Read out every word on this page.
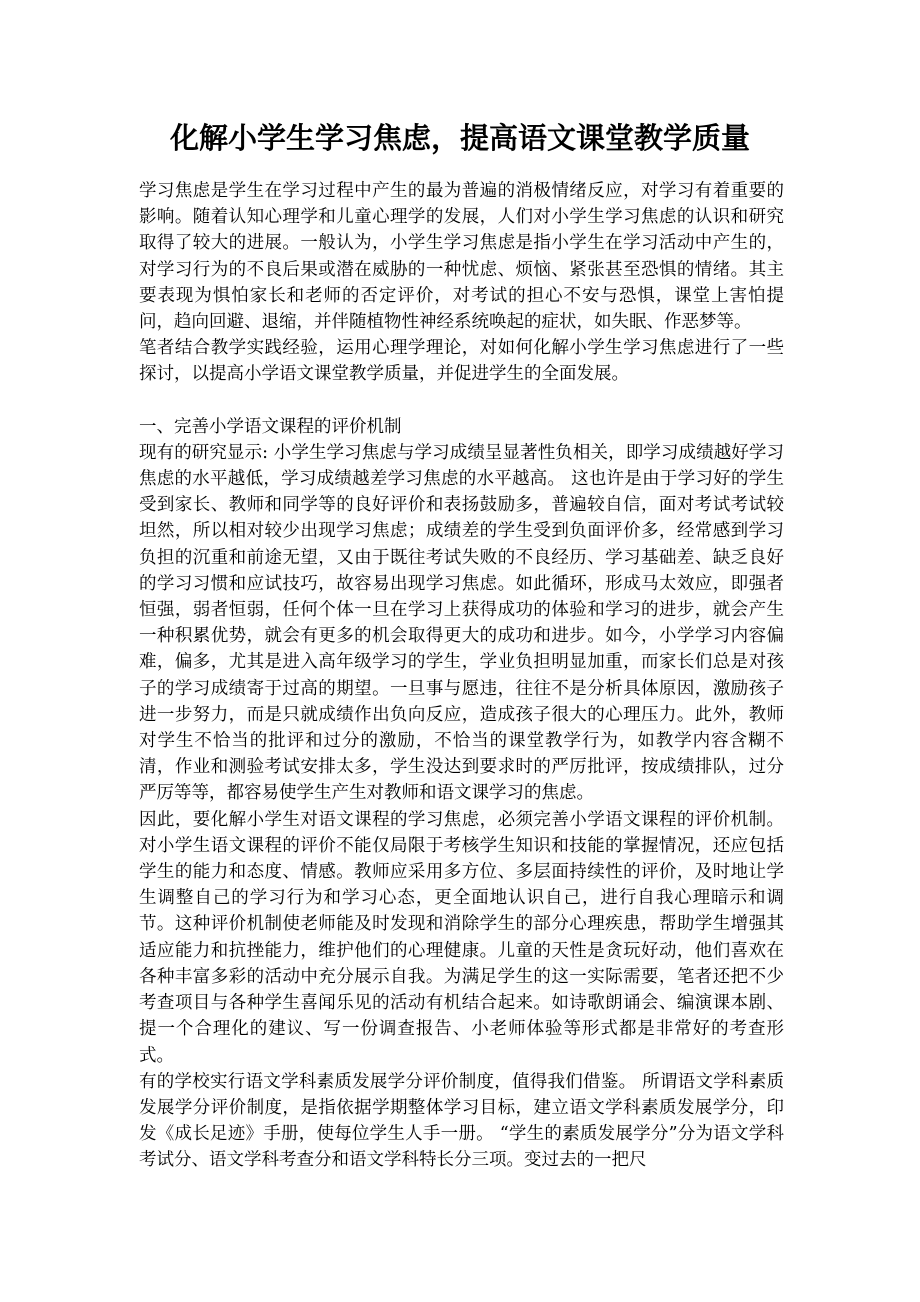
化解小学生学习焦虑，提高语文课堂教学质量

学习焦虑是学生在学习过程中产生的最为普遍的消极情绪反应，对学习有着重要的影响。随着认知心理学和儿童心理学的发展，人们对小学生学习焦虑的认识和研究取得了较大的进展。一般认为，小学生学习焦虑是指小学生在学习活动中产生的，对学习行为的不良后果或潜在威胁的一种忧虑、烦恼、紧张甚至恐惧的情绪。其主要表现为惧怕家长和老师的否定评价，对考试的担心不安与恐惧，课堂上害怕提问，趋向回避、退缩，并伴随植物性神经系统唤起的症状，如失眠、作恶梦等。

笔者结合教学实践经验，运用心理学理论，对如何化解小学生学习焦虑进行了一些探讨，以提高小学语文课堂教学质量，并促进学生的全面发展。

一、完善小学语文课程的评价机制

现有的研究显示: 小学生学习焦虑与学习成绩呈显著性负相关，即学习成绩越好学习焦虑的水平越低，学习成绩越差学习焦虑的水平越高。 这也许是由于学习好的学生受到家长、教师和同学等的良好评价和表扬鼓励多，普遍较自信，面对考试考试较坦然，所以相对较少出现学习焦虑；成绩差的学生受到负面评价多，经常感到学习负担的沉重和前途无望，又由于既往考试失败的不良经历、学习基础差、缺乏良好的学习习惯和应试技巧，故容易出现学习焦虑。如此循环，形成马太效应，即强者恒强，弱者恒弱，任何个体一旦在学习上获得成功的体验和学习的进步，就会产生一种积累优势，就会有更多的机会取得更大的成功和进步。如今，小学学习内容偏难，偏多，尤其是进入高年级学习的学生，学业负担明显加重，而家长们总是对孩子的学习成绩寄于过高的期望。一旦事与愿违，往往不是分析具体原因，激励孩子进一步努力，而是只就成绩作出负向反应，造成孩子很大的心理压力。此外，教师对学生不恰当的批评和过分的激励，不恰当的课堂教学行为，如教学内容含糊不清，作业和测验考试安排太多，学生没达到要求时的严厉批评，按成绩排队，过分严厉等等，都容易使学生产生对教师和语文课学习的焦虑。

因此，要化解小学生对语文课程的学习焦虑，必须完善小学语文课程的评价机制。对小学生语文课程的评价不能仅局限于考核学生知识和技能的掌握情况，还应包括学生的能力和态度、情感。教师应采用多方位、多层面持续性的评价，及时地让学生调整自己的学习行为和学习心态，更全面地认识自己，进行自我心理暗示和调节。这种评价机制使老师能及时发现和消除学生的部分心理疾患，帮助学生增强其适应能力和抗挫能力，维护他们的心理健康。儿童的天性是贪玩好动，他们喜欢在各种丰富多彩的活动中充分展示自我。为满足学生的这一实际需要，笔者还把不少考查项目与各种学生喜闻乐见的活动有机结合起来。如诗歌朗诵会、编演课本剧、提一个合理化的建议、写一份调查报告、小老师体验等形式都是非常好的考查形式。

有的学校实行语文学科素质发展学分评价制度，值得我们借鉴。 所谓语文学科素质发展学分评价制度，是指依据学期整体学习目标，建立语文学科素质发展学分，印发《成长足迹》手册，使每位学生人手一册。 “学生的素质发展学分”分为语文学科考试分、语文学科考查分和语文学科特长分三项。变过去的一把尺
